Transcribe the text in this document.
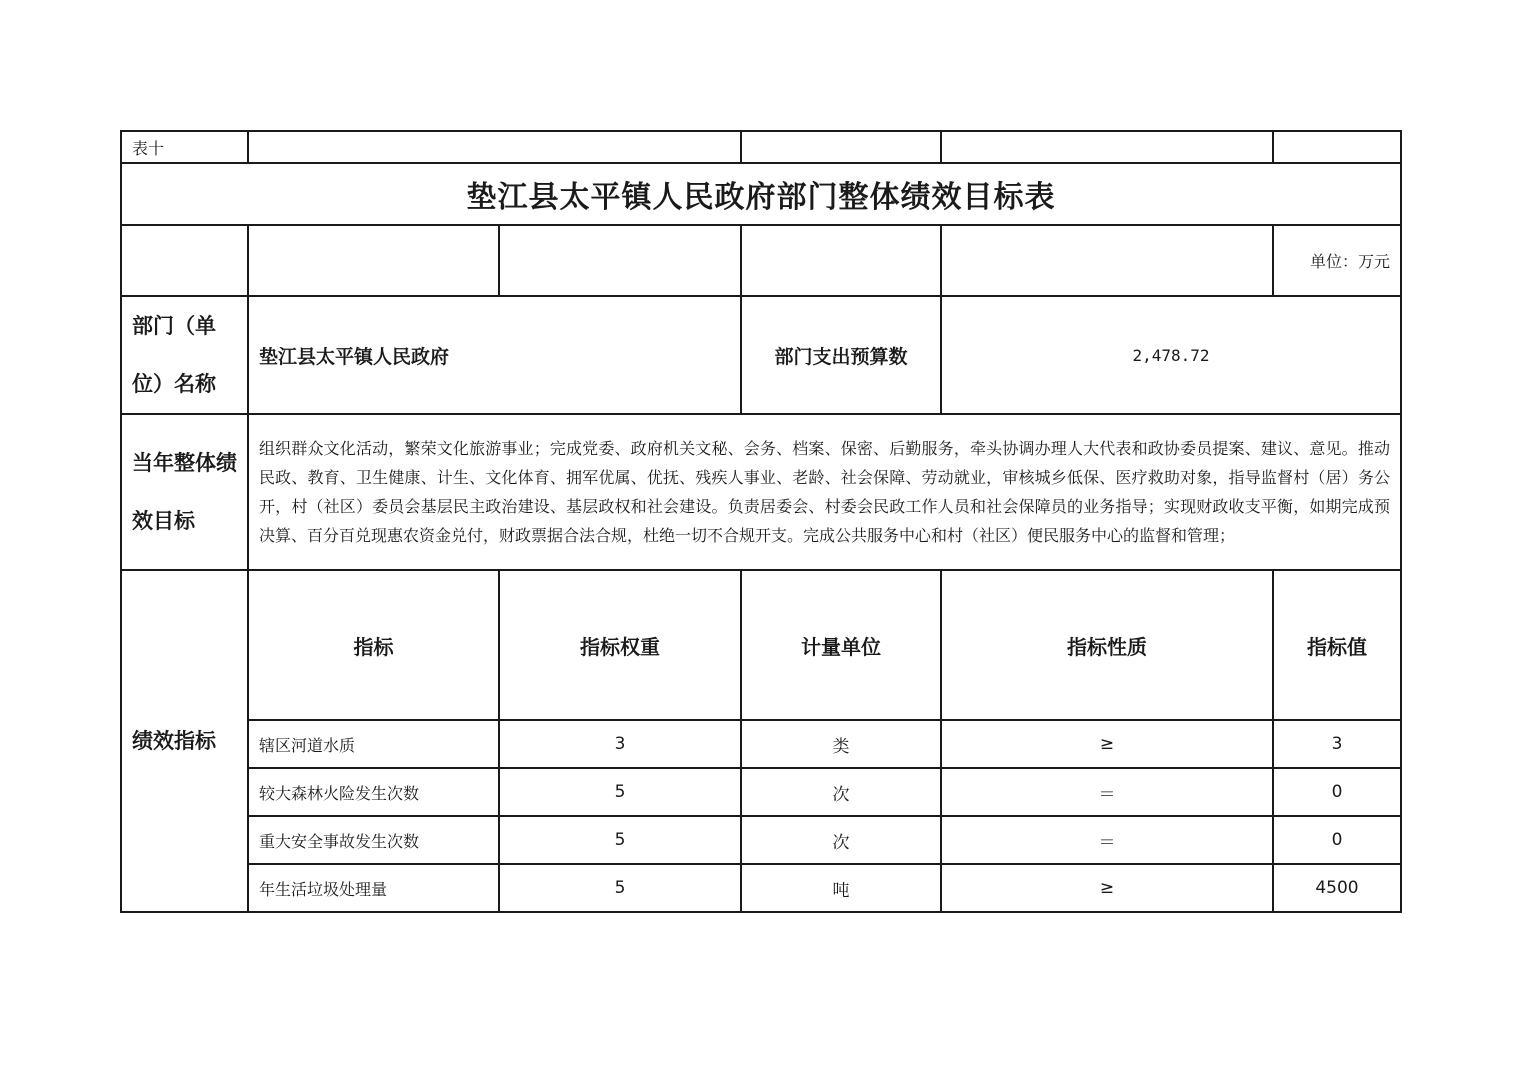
表十					
垫江县太平镇人民政府部门整体绩效目标表					
					单位：万元
部门（单位）名称	垫江县太平镇人民政府		部门支出预算数	2,478.72	
当年整体绩效目标	组织群众文化活动，繁荣文化旅游事业；完成党委、政府机关文秘、会务、档案、保密、后勤服务，牵头协调办理人大代表和政协委员提案、建议、意见。推动民政、教育、卫生健康、计生、文化体育、拥军优属、优抚、残疾人事业、老龄、社会保障、劳动就业，审核城乡低保、医疗救助对象，指导监督村（居）务公开，村（社区）委员会基层民主政治建设、基层政权和社会建设。负责居委会、村委会民政工作人员和社会保障员的业务指导；实现财政收支平衡，如期完成预决算、百分百兑现惠农资金兑付，财政票据合法合规，杜绝一切不合规开支。完成公共服务中心和村（社区）便民服务中心的监督和管理；				
绩效指标	指标	指标权重	计量单位	指标性质	指标值
	辖区河道水质	3	类	≥	3
	较大森林火险发生次数	5	次	＝	0
	重大安全事故发生次数	5	次	＝	0
	年生活垃圾处理量	5	吨	≥	4500
